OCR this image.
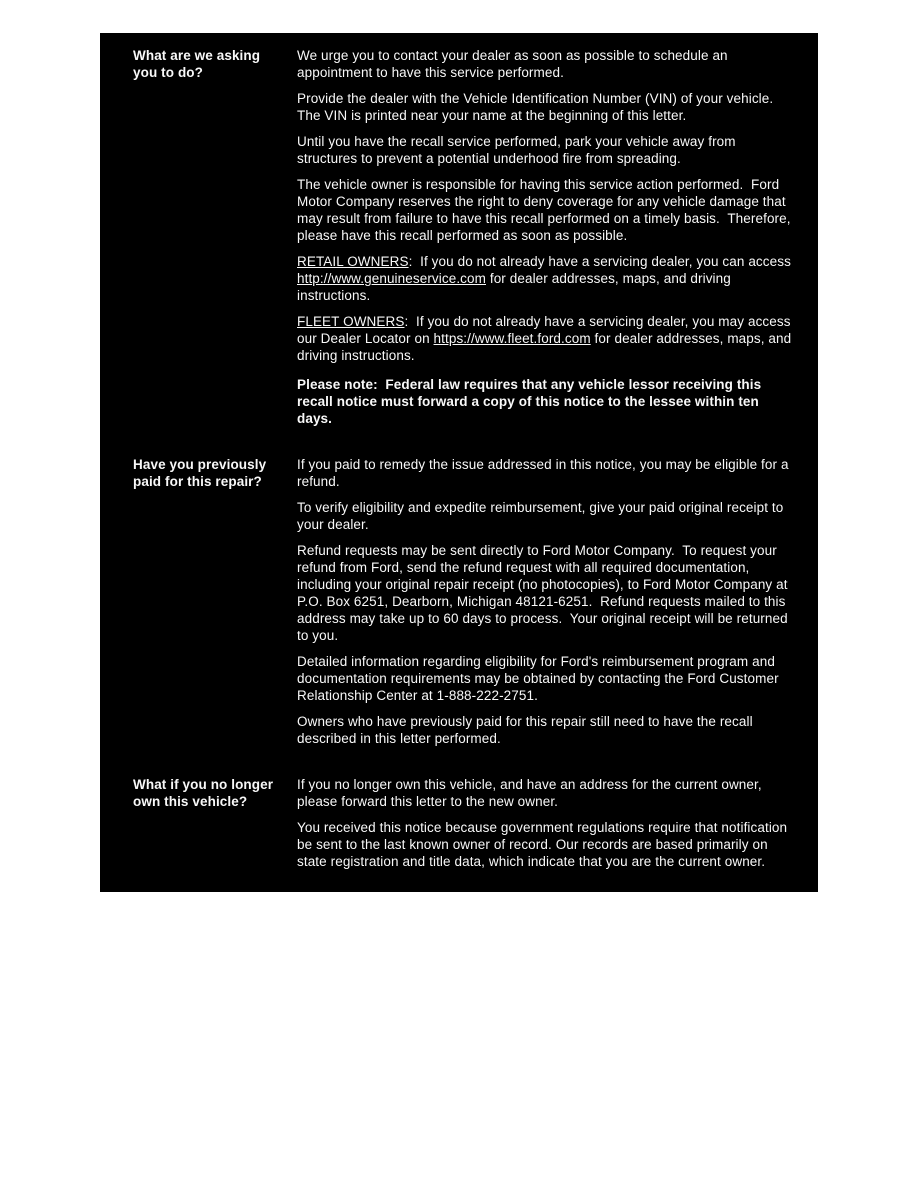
What are we asking you to do?

We urge you to contact your dealer as soon as possible to schedule an appointment to have this service performed.

Provide the dealer with the Vehicle Identification Number (VIN) of your vehicle.  The VIN is printed near your name at the beginning of this letter.

Until you have the recall service performed, park your vehicle away from structures to prevent a potential underhood fire from spreading.

The vehicle owner is responsible for having this service action performed.  Ford Motor Company reserves the right to deny coverage for any vehicle damage that may result from failure to have this recall performed on a timely basis.  Therefore, please have this recall performed as soon as possible.

RETAIL OWNERS:  If you do not already have a servicing dealer, you can access http://www.genuineservice.com for dealer addresses, maps, and driving instructions.

FLEET OWNERS:  If you do not already have a servicing dealer, you may access our Dealer Locator on https://www.fleet.ford.com for dealer addresses, maps, and driving instructions.

Please note:  Federal law requires that any vehicle lessor receiving this recall notice must forward a copy of this notice to the lessee within ten days.

Have you previously paid for this repair?

If you paid to remedy the issue addressed in this notice, you may be eligible for a refund.

To verify eligibility and expedite reimbursement, give your paid original receipt to your dealer.

Refund requests may be sent directly to Ford Motor Company.  To request your refund from Ford, send the refund request with all required documentation, including your original repair receipt (no photocopies), to Ford Motor Company at P.O. Box 6251, Dearborn, Michigan 48121-6251.  Refund requests mailed to this address may take up to 60 days to process.  Your original receipt will be returned to you.

Detailed information regarding eligibility for Ford's reimbursement program and documentation requirements may be obtained by contacting the Ford Customer Relationship Center at 1-888-222-2751.

Owners who have previously paid for this repair still need to have the recall described in this letter performed.

What if you no longer own this vehicle?

If you no longer own this vehicle, and have an address for the current owner, please forward this letter to the new owner.

You received this notice because government regulations require that notification be sent to the last known owner of record. Our records are based primarily on state registration and title data, which indicate that you are the current owner.
